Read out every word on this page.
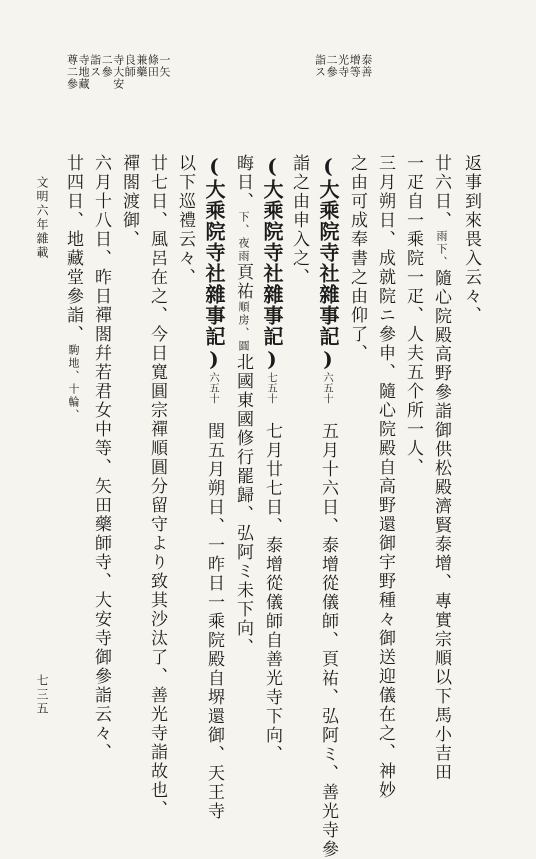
泰善
增等
光寺
二參
詣ス
一矢
條田
兼藥
良師
寺大安
二參
詣ス
寺地藏
尊二參
返事到來畏入云々、
廿六日、雨下、隨心院殿高野參詣御供松殿濟賢泰增、專實宗順以下馬小吉田
一疋自一乘院一疋、人夫五个所一人、
三月朔日、成就院ニ參申、隨心院殿自高野還御宇野種々御送迎儀在之、神妙
之由可成奉書之由仰了、
( 大乘院寺社雜事記 )六五十五月十六日、泰增從儀師、頁祐、弘阿ミ、善光寺參
詣之由申入之、
( 大乘院寺社雜事記 )七五十七月廿七日、泰增從儀師自善光寺下向、
晦日、下、夜雨頁祐順房、圓北國東國修行罷歸、弘阿ミ未下向、
( 大乘院寺社雜事記 )六五十閏五月朔日、一昨日一乘院殿自堺還御、天王寺
以下巡禮云々、
廿七日、風呂在之、今日寬圓宗禪順圓分留守より致其沙汰了、善光寺詣故也、
禪閤渡御、
六月十八日、昨日禪閤幷若君女中等、矢田藥師寺、大安寺御參詣云々、
廿四日、地藏堂參詣、駒地、十輪、
文明六年雜載
七三五
